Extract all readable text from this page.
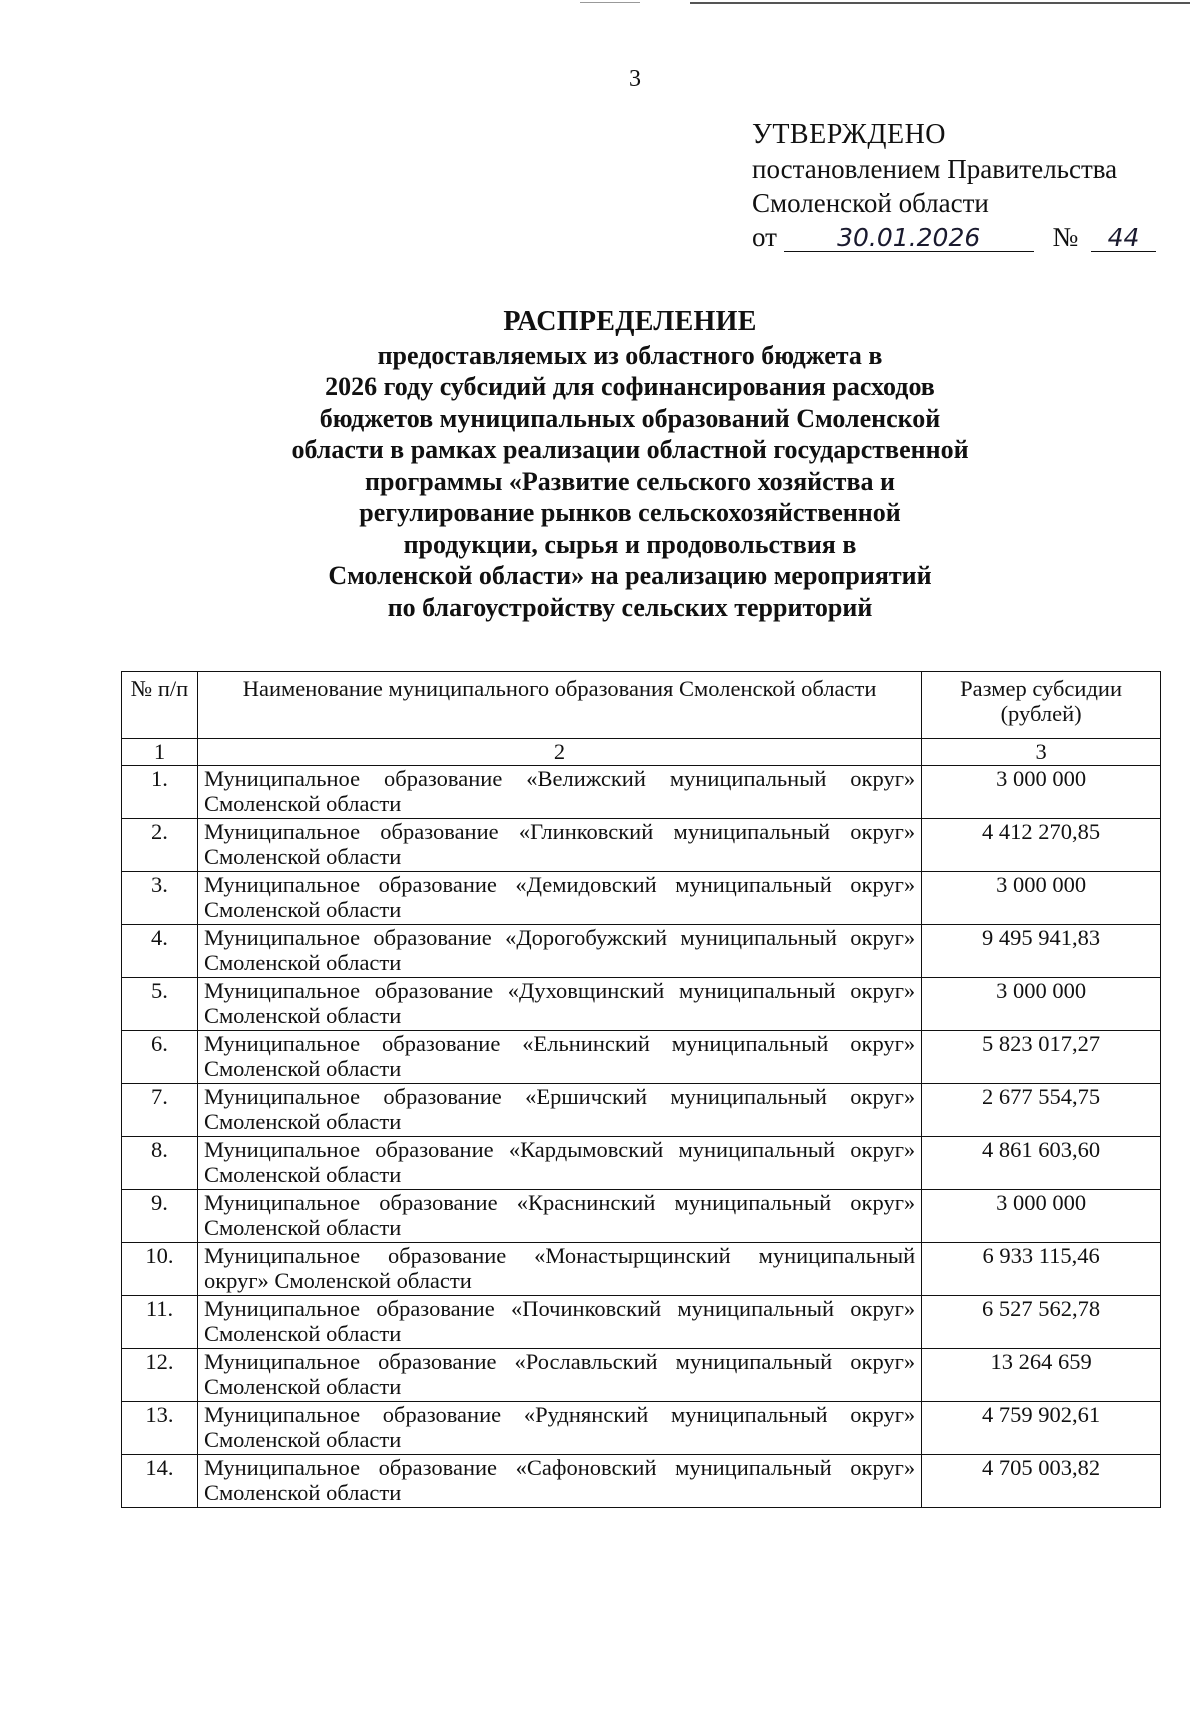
3
УТВЕРЖДЕНО
постановлением Правительства
Смоленской области
от 30.01.2026	№ 44
РАСПРЕДЕЛЕНИЕ
предоставляемых из областного бюджета в
2026 году субсидий для софинансирования расходов
бюджетов муниципальных образований Смоленской
области в рамках реализации областной государственной
программы «Развитие сельского хозяйства и
регулирование рынков сельскохозяйственной
продукции, сырья и продовольствия в
Смоленской области» на реализацию мероприятий
по благоустройству сельских территорий
№ п/п	Наименование муниципального образования Смоленской области	Размер субсидии (рублей)
1	2	3
1.	Муниципальное образование «Велижский муниципальный округ» Смоленской области	3 000 000
2.	Муниципальное образование «Глинковский муниципальный округ» Смоленской области	4 412 270,85
3.	Муниципальное образование «Демидовский муниципальный округ» Смоленской области	3 000 000
4.	Муниципальное образование «Дорогобужский муниципальный округ» Смоленской области	9 495 941,83
5.	Муниципальное образование «Духовщинский муниципальный округ» Смоленской области	3 000 000
6.	Муниципальное образование «Ельнинский муниципальный округ» Смоленской области	5 823 017,27
7.	Муниципальное образование «Ершичский муниципальный округ» Смоленской области	2 677 554,75
8.	Муниципальное образование «Кардымовский муниципальный округ» Смоленской области	4 861 603,60
9.	Муниципальное образование «Краснинский муниципальный округ» Смоленской области	3 000 000
10.	Муниципальное образование «Монастырщинский муниципальный округ» Смоленской области	6 933 115,46
11.	Муниципальное образование «Починковский муниципальный округ» Смоленской области	6 527 562,78
12.	Муниципальное образование «Рославльский муниципальный округ» Смоленской области	13 264 659
13.	Муниципальное образование «Руднянский муниципальный округ» Смоленской области	4 759 902,61
14.	Муниципальное образование «Сафоновский муниципальный округ» Смоленской области	4 705 003,82
